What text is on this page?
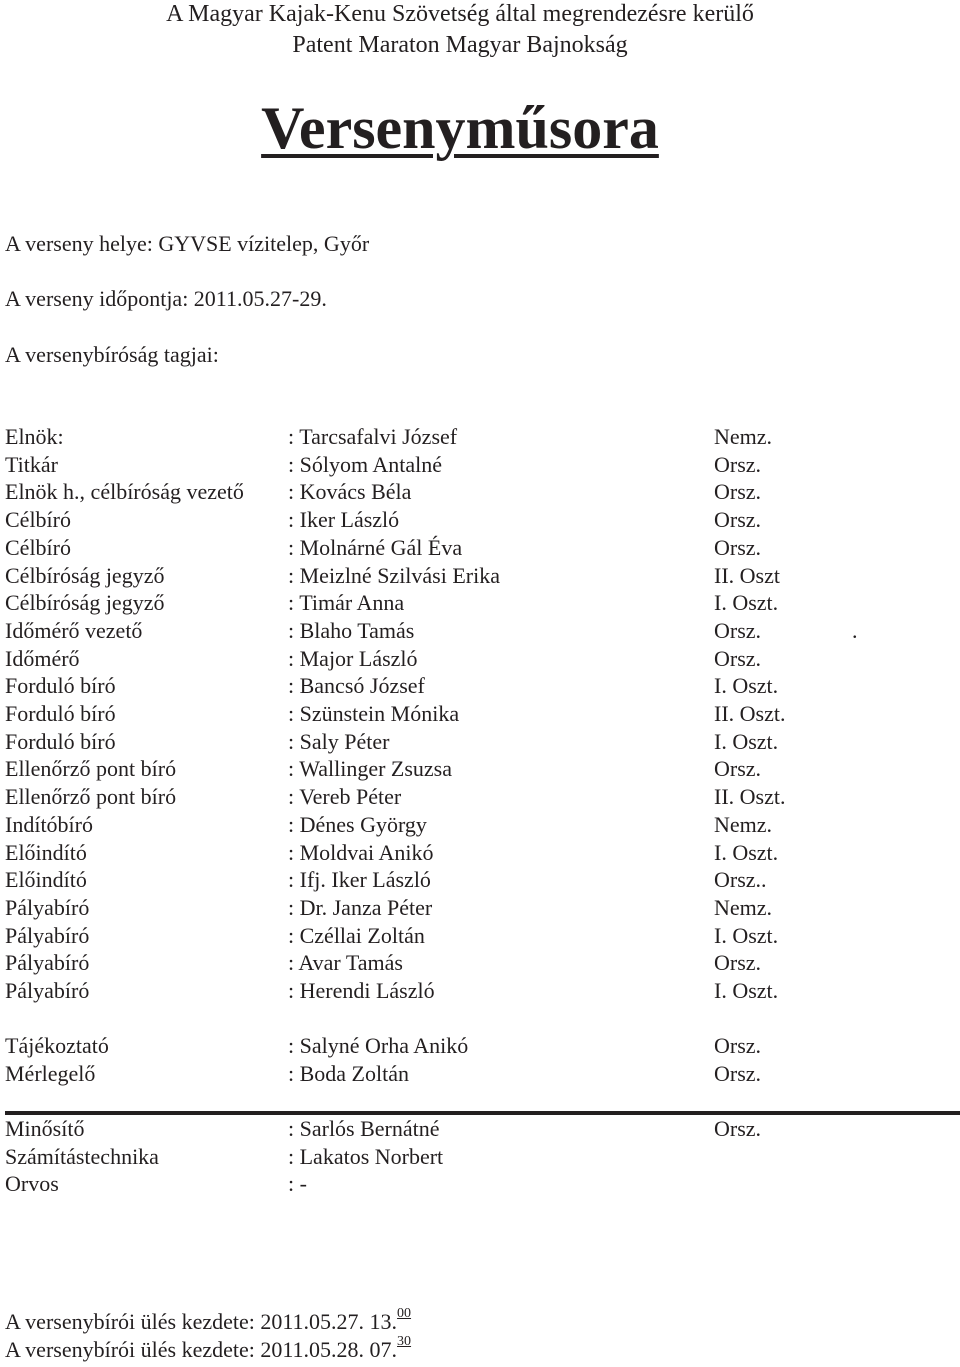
A Magyar Kajak-Kenu Szövetség által megrendezésre kerülő
Patent Maraton Magyar Bajnokság
Versenyműsora
A verseny helye: GYVSE vízitelep, Győr
A verseny időpontja: 2011.05.27-29.
A versenybíróság tagjai:
Elnök:	: Tarcsafalvi József	Nemz.
Titkár	: Sólyom Antalné	Orsz.
Elnök h., célbíróság vezető : Kovács Béla	Orsz.
Célbíró	: Iker László	Orsz.
Célbíró	: Molnárné Gál Éva	Orsz.
Célbíróság jegyző	: Meizlné Szilvási Erika	II. Oszt
Célbíróság jegyző	: Timár Anna	I. Oszt.
Időmérő vezető	: Blaho Tamás	Orsz.	.
Időmérő	: Major László	Orsz.
Forduló bíró	: Bancsó József	I. Oszt.
Forduló bíró	: Szünstein Mónika	II. Oszt.
Forduló bíró	: Saly Péter	I. Oszt.
Ellenőrző pont bíró	: Wallinger Zsuzsa	Orsz.
Ellenőrző pont bíró	: Vereb Péter	II. Oszt.
Indítóbíró	: Dénes György	Nemz.
Előindító	: Moldvai Anikó	I. Oszt.
Előindító	: Ifj. Iker László	Orsz..
Pályabíró	: Dr. Janza Péter	Nemz.
Pályabíró	: Czéllai Zoltán	I. Oszt.
Pályabíró	: Avar Tamás	Orsz.
Pályabíró	: Herendi László	I. Oszt.
Tájékoztató	: Salyné Orha Anikó	Orsz.
Mérlegelő	: Boda Zoltán	Orsz.
Minősítő	: Sarlós Bernátné	Orsz.
Számítástechnika	: Lakatos Norbert
Orvos	: -
A versenybírói ülés kezdete: 2011.05.27. 13.00
A versenybírói ülés kezdete: 2011.05.28. 07.30
